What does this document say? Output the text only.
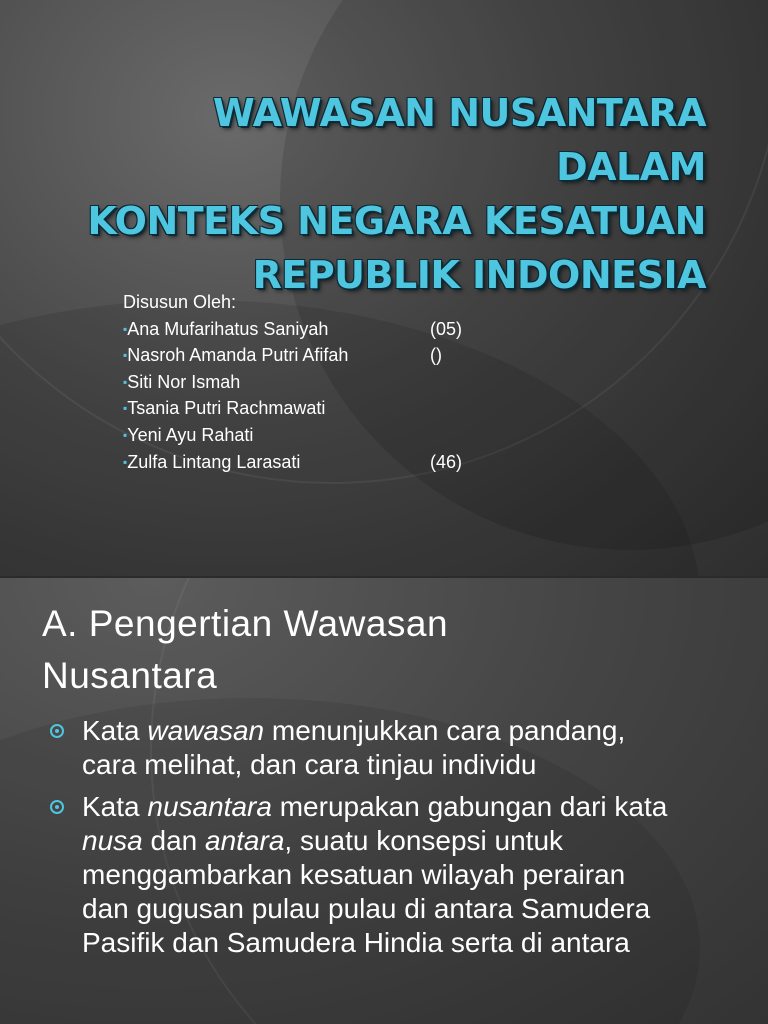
WAWASAN NUSANTARA DALAM
KONTEKS NEGARA KESATUAN
REPUBLIK INDONESIA
Disusun Oleh:
▪Ana Mufarihatus Saniyah	(05)
▪Nasroh Amanda Putri Afifah	()
▪Siti Nor Ismah
▪Tsania Putri Rachmawati
▪Yeni Ayu Rahati
▪Zulfa Lintang Larasati	(46)
A. Pengertian Wawasan
Nusantara
Kata wawasan menunjukkan cara pandang, cara melihat, dan cara tinjau individu
Kata nusantara merupakan gabungan dari kata nusa dan antara, suatu konsepsi untuk menggambarkan kesatuan wilayah perairan dan gugusan pulau pulau di antara Samudera Pasifik dan Samudera Hindia serta di antara
